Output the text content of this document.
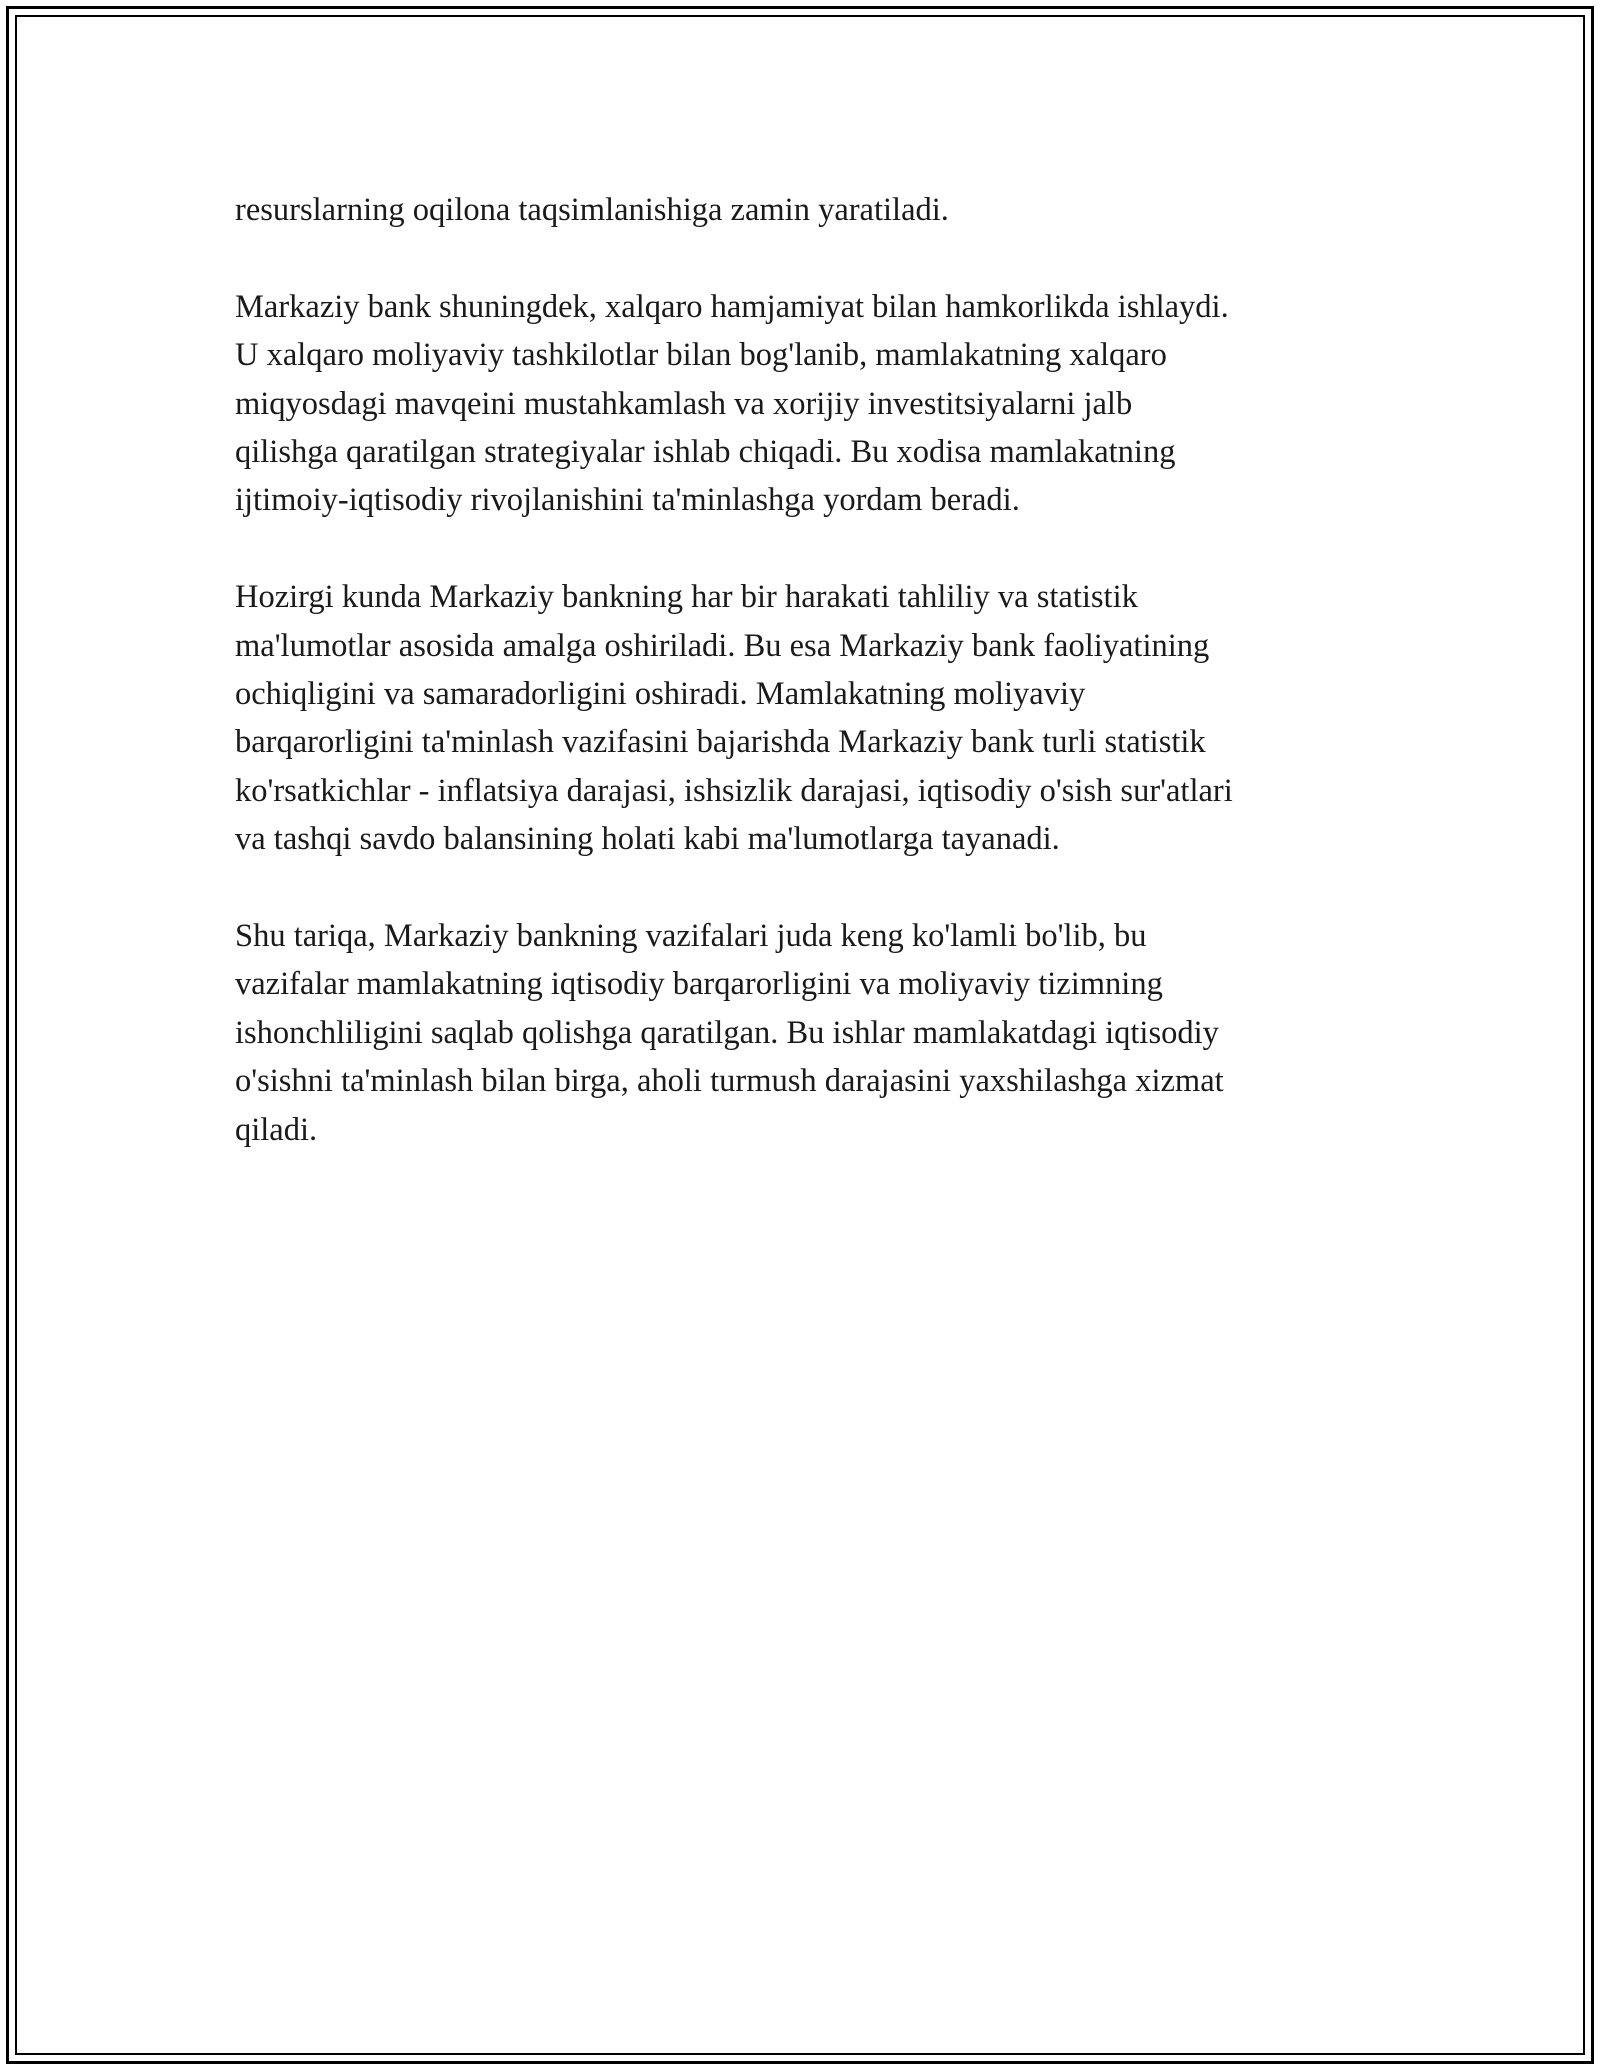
resurslarning oqilona taqsimlanishiga zamin yaratiladi.

Markaziy bank shuningdek, xalqaro hamjamiyat bilan hamkorlikda ishlaydi.
U xalqaro moliyaviy tashkilotlar bilan bog'lanib, mamlakatning xalqaro
miqyosdagi mavqeini mustahkamlash va xorijiy investitsiyalarni jalb
qilishga qaratilgan strategiyalar ishlab chiqadi. Bu xodisa mamlakatning
ijtimoiy-iqtisodiy rivojlanishini ta'minlashga yordam beradi.

Hozirgi kunda Markaziy bankning har bir harakati tahliliy va statistik
ma'lumotlar asosida amalga oshiriladi. Bu esa Markaziy bank faoliyatining
ochiqligini va samaradorligini oshiradi. Mamlakatning moliyaviy
barqarorligini ta'minlash vazifasini bajarishda Markaziy bank turli statistik
ko'rsatkichlar - inflatsiya darajasi, ishsizlik darajasi, iqtisodiy o'sish sur'atlari
va tashqi savdo balansining holati kabi ma'lumotlarga tayanadi.

Shu tariqa, Markaziy bankning vazifalari juda keng ko'lamli bo'lib, bu
vazifalar mamlakatning iqtisodiy barqarorligini va moliyaviy tizimning
ishonchliligini saqlab qolishga qaratilgan. Bu ishlar mamlakatdagi iqtisodiy
o'sishni ta'minlash bilan birga, aholi turmush darajasini yaxshilashga xizmat
qiladi.
